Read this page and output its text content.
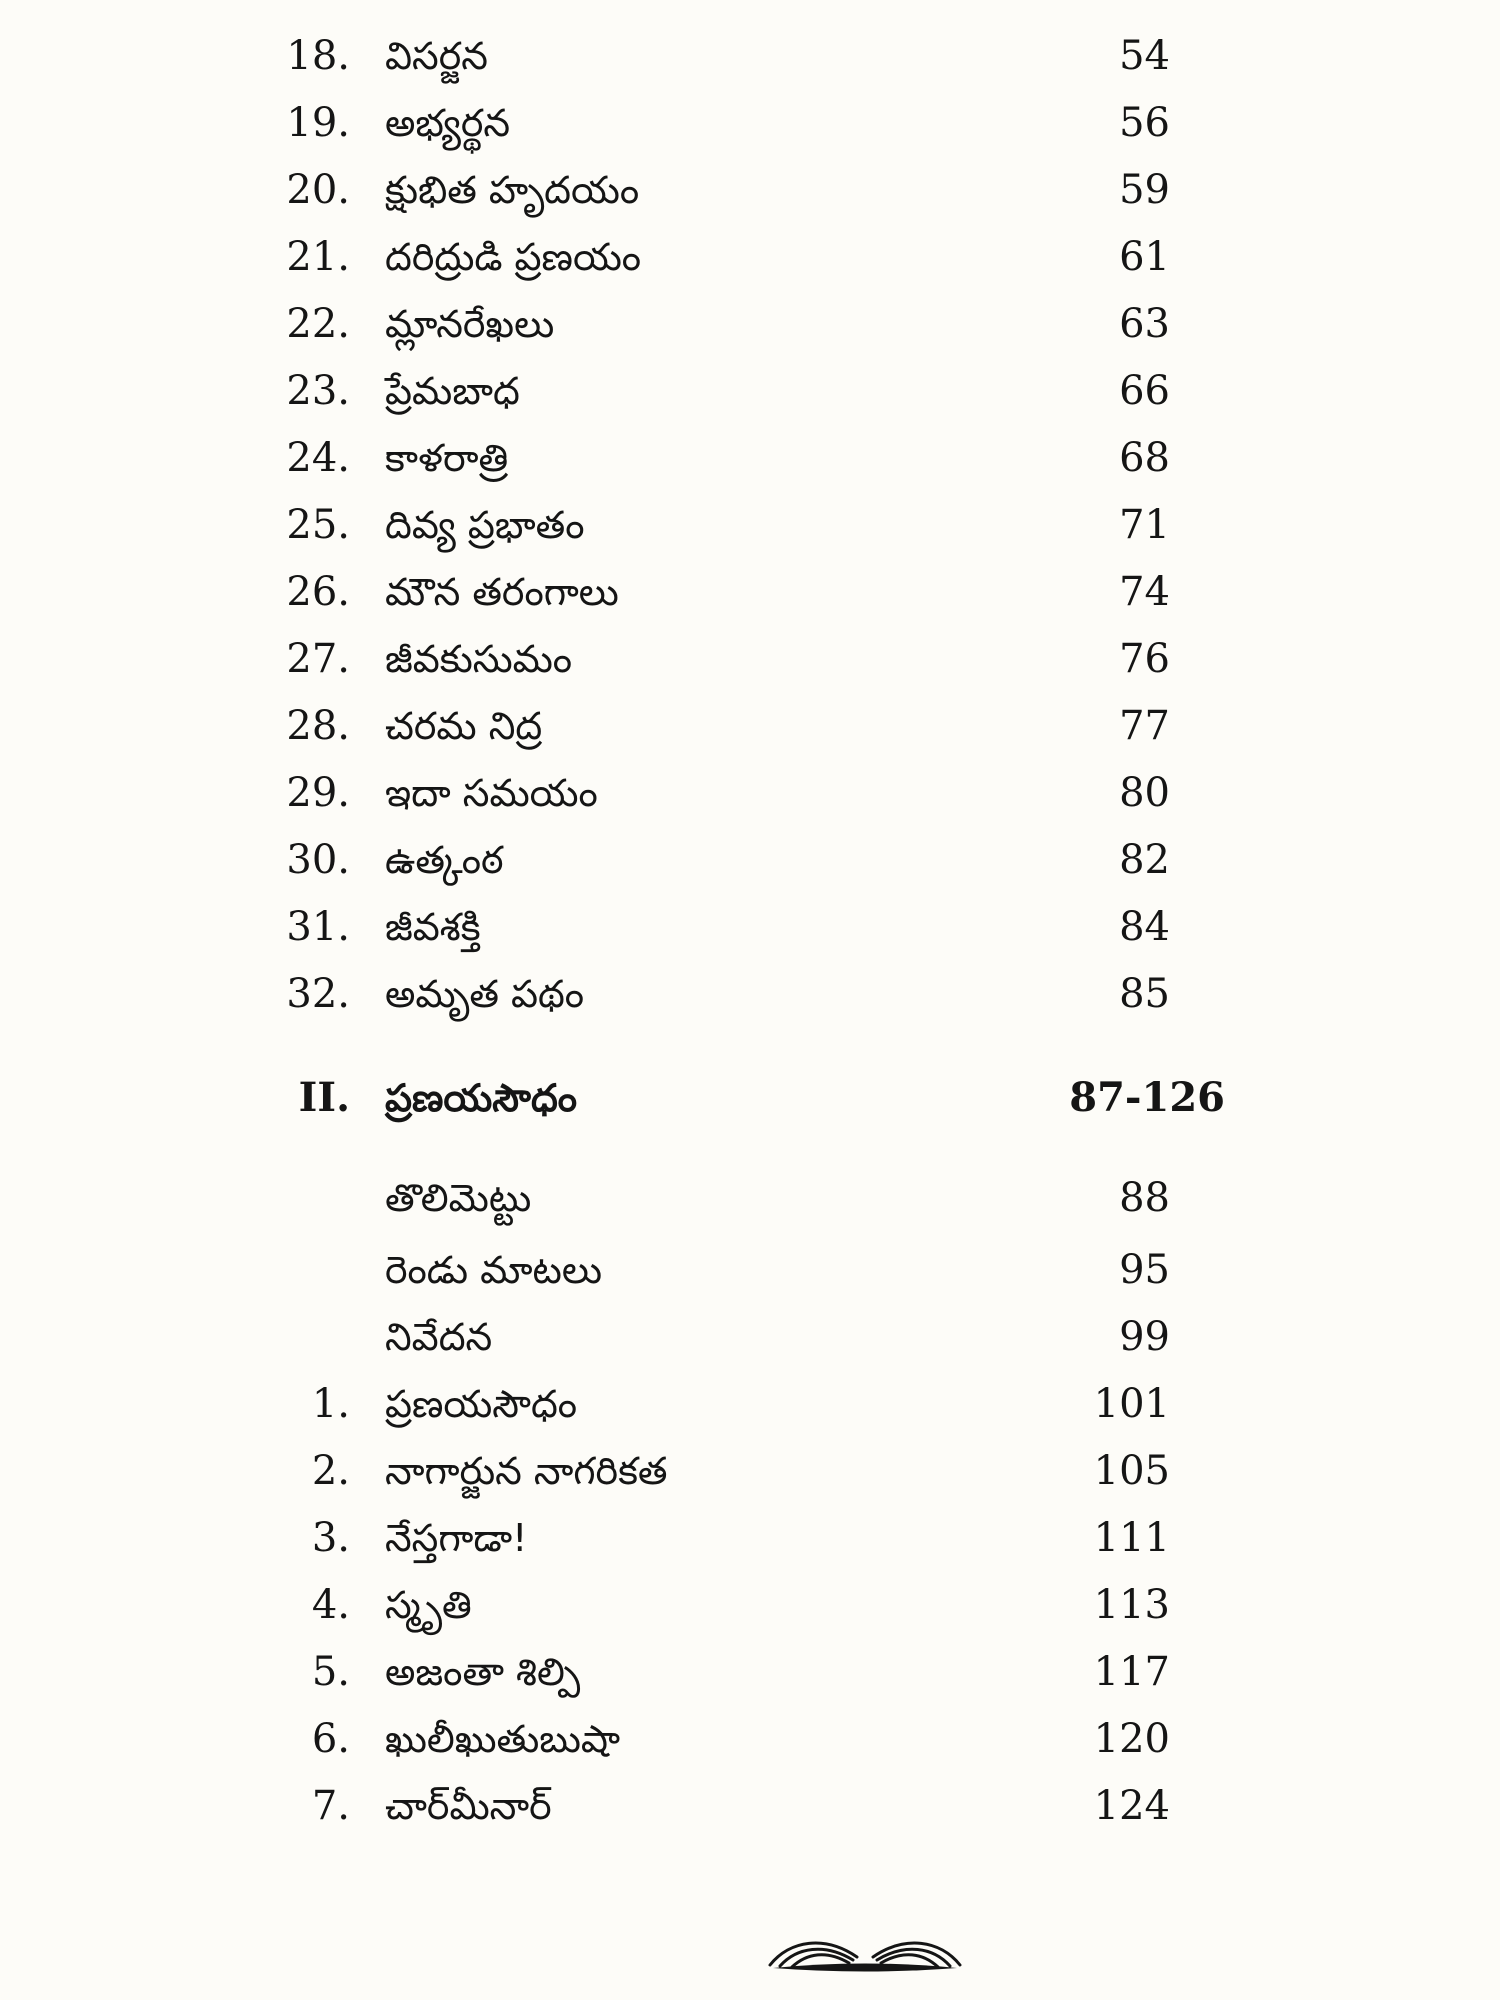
18. విసర్జన	54
19. అభ్యర్థన	56
20. క్షుభిత హృదయం	59
21. దరిద్రుడి ప్రణయం	61
22. మ్లానరేఖలు	63
23. ప్రేమబాధ	66
24. కాళరాత్రి	68
25. దివ్య ప్రభాతం	71
26. మౌన తరంగాలు	74
27. జీవకుసుమం	76
28. చరమ నిద్ర	77
29. ఇదా సమయం	80
30. ఉత్కంఠ	82
31. జీవశక్తి	84
32. అమృత పథం	85
II. ప్రణయసౌధం	87-126
తొలిమెట్టు	88
రెండు మాటలు	95
నివేదన	99
1. ప్రణయసౌధం	101
2. నాగార్జున నాగరికత	105
3. నేస్తగాడా!	111
4. స్మృతి	113
5. అజంతా శిల్పి	117
6. ఖులీఖుతుబుషా	120
7. చార్‌మీనార్	124
